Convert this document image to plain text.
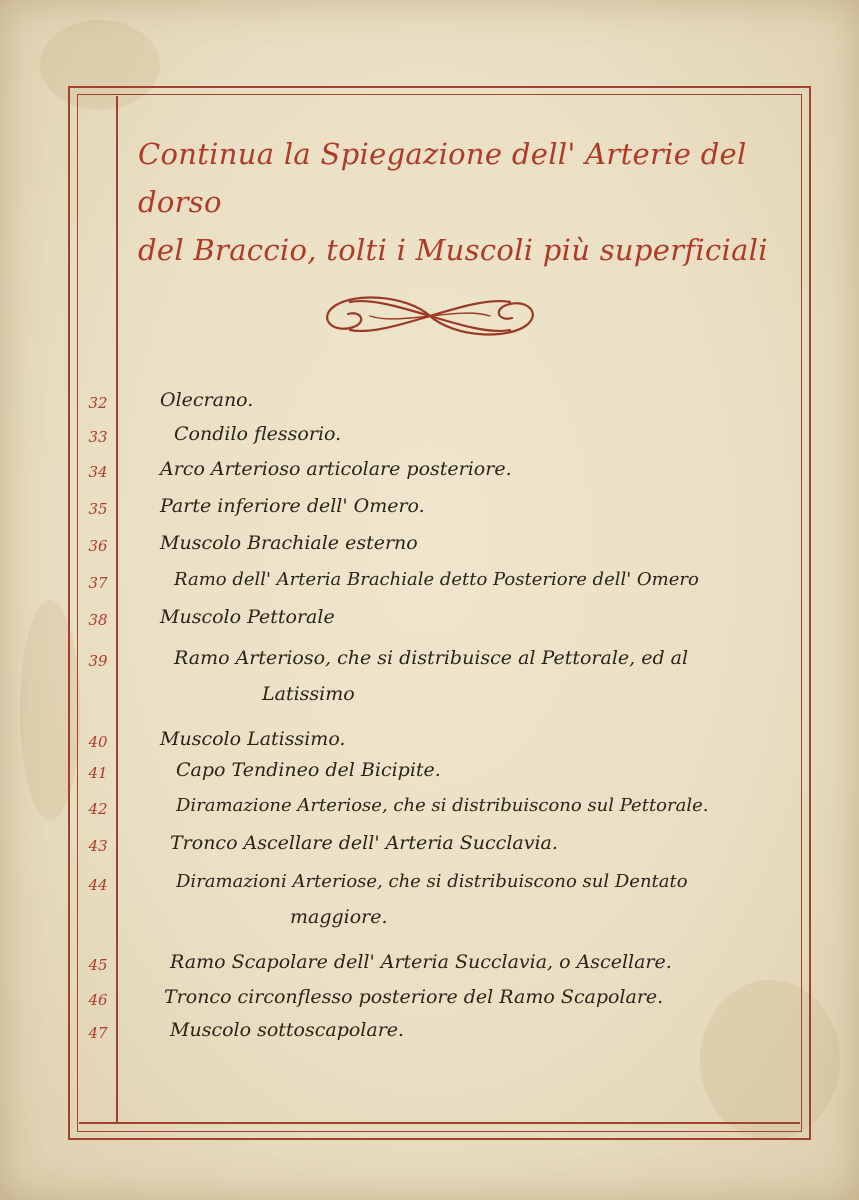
Continua la Spiegazione dell' Arterie del dorso
del Braccio, tolti i Muscoli più superficiali
32	Olecrano.
33	Condilo flessorio.
34	Arco Arterioso articolare posteriore.
35	Parte inferiore dell' Omero.
36	Muscolo Brachiale esterno
37	Ramo dell' Arteria Brachiale detto Posteriore dell' Omero
38	Muscolo Pettorale
39	Ramo Arterioso, che si distribuisce al Pettorale, ed al
Latissimo
40	Muscolo Latissimo.
41	Capo Tendineo del Bicipite.
42	Diramazione Arteriose, che si distribuiscono sul Pettorale.
43	Tronco Ascellare dell' Arteria Succlavia.
44	Diramazioni Arteriose, che si distribuiscono sul Dentato
maggiore.
45	Ramo Scapolare dell' Arteria Succlavia, o Ascellare.
46	Tronco circonflesso posteriore del Ramo Scapolare.
47	Muscolo sottoscapolare.
